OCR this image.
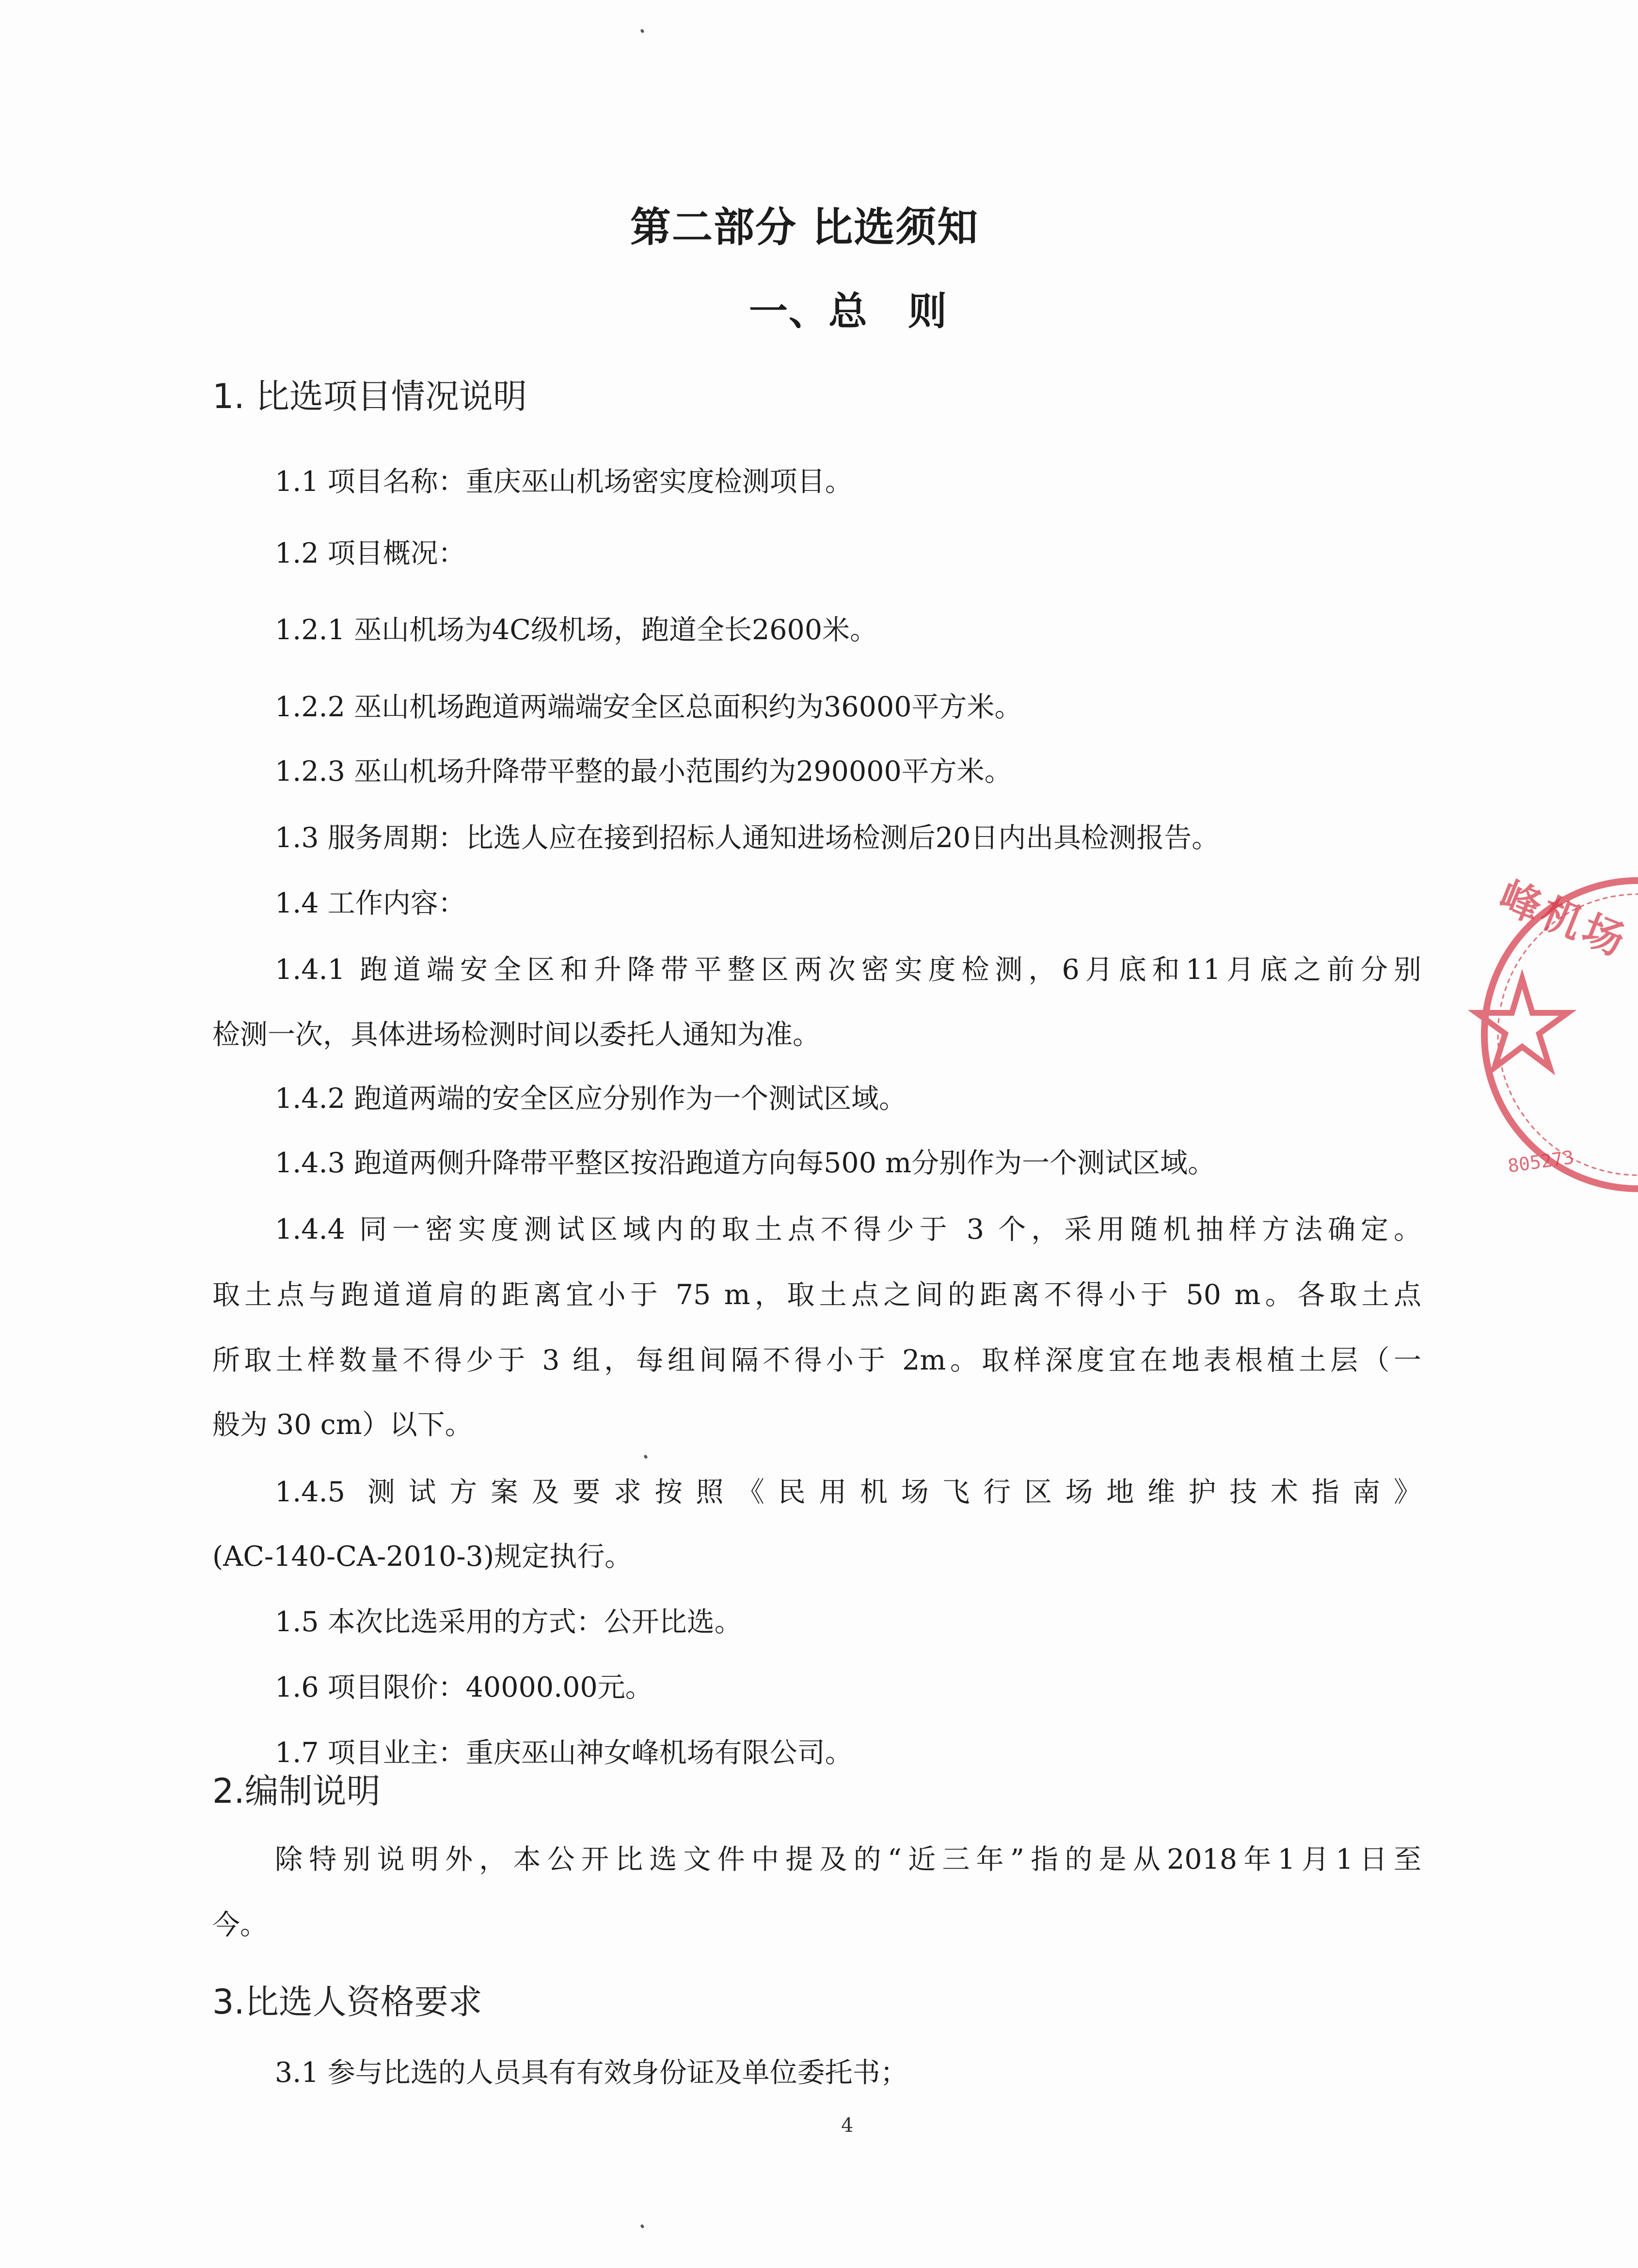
第二部分 比选须知
一、总　则
1. 比选项目情况说明
1.1 项目名称：重庆巫山机场密实度检测项目。
1.2 项目概况：
1.2.1 巫山机场为4C级机场，跑道全长2600米。
1.2.2 巫山机场跑道两端端安全区总面积约为36000平方米。
1.2.3 巫山机场升降带平整的最小范围约为290000平方米。
1.3 服务周期：比选人应在接到招标人通知进场检测后20日内出具检测报告。
1.4 工作内容：
1.4.1 跑道端安全区和升降带平整区两次密实度检测，6月底和11月底之前分别
检测一次，具体进场检测时间以委托人通知为准。
1.4.2 跑道两端的安全区应分别作为一个测试区域。
1.4.3 跑道两侧升降带平整区按沿跑道方向每500 m分别作为一个测试区域。
1.4.4 同一密实度测试区域内的取土点不得少于 3 个，采用随机抽样方法确定。
取土点与跑道道肩的距离宜小于 75 m，取土点之间的距离不得小于 50 m。各取土点
所取土样数量不得少于 3 组，每组间隔不得小于 2m。取样深度宜在地表根植土层（一
般为 30 cm）以下。
1.4.5 测试方案及要求按照《民用机场飞行区场地维护技术指南》
(AC-140-CA-2010-3)规定执行。
1.5 本次比选采用的方式：公开比选。
1.6 项目限价：40000.00元。
1.7 项目业主：重庆巫山神女峰机场有限公司。
2.编制说明
除特别说明外，本公开比选文件中提及的“近三年”指的是从2018年1月1日至
今。
3.比选人资格要求
3.1 参与比选的人员具有有效身份证及单位委托书；
4
峰机场
805273
